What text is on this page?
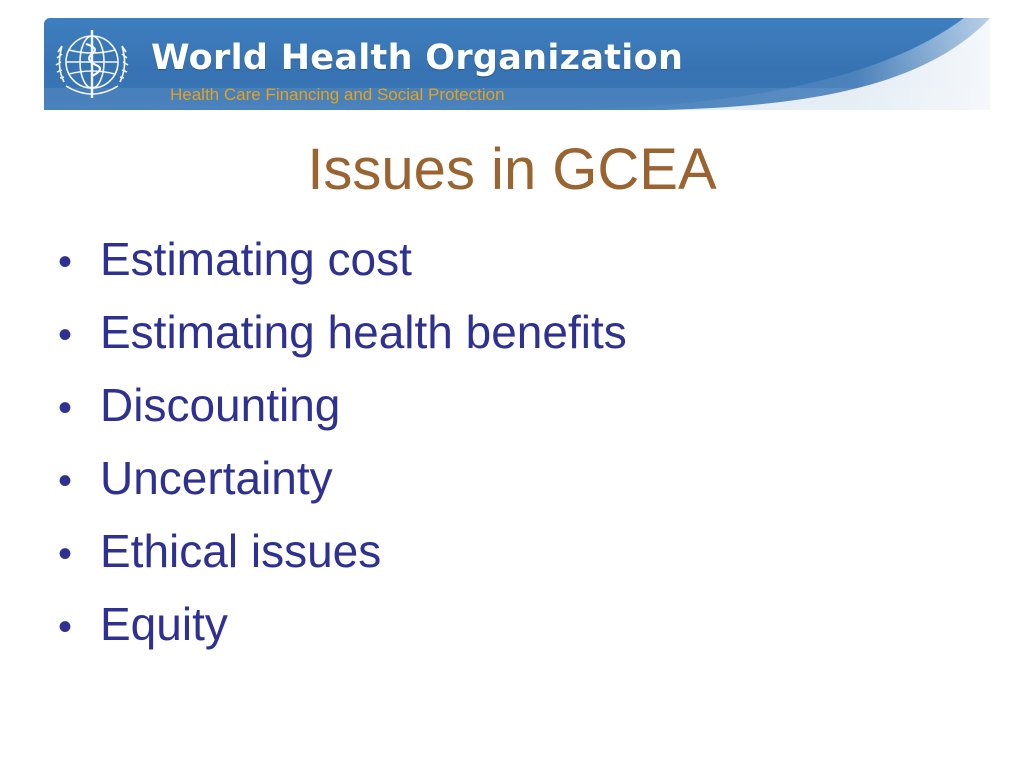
World Health Organization
Health Care Financing and Social Protection
Issues in GCEA
• Estimating cost
• Estimating health benefits
• Discounting
• Uncertainty
• Ethical issues
• Equity
